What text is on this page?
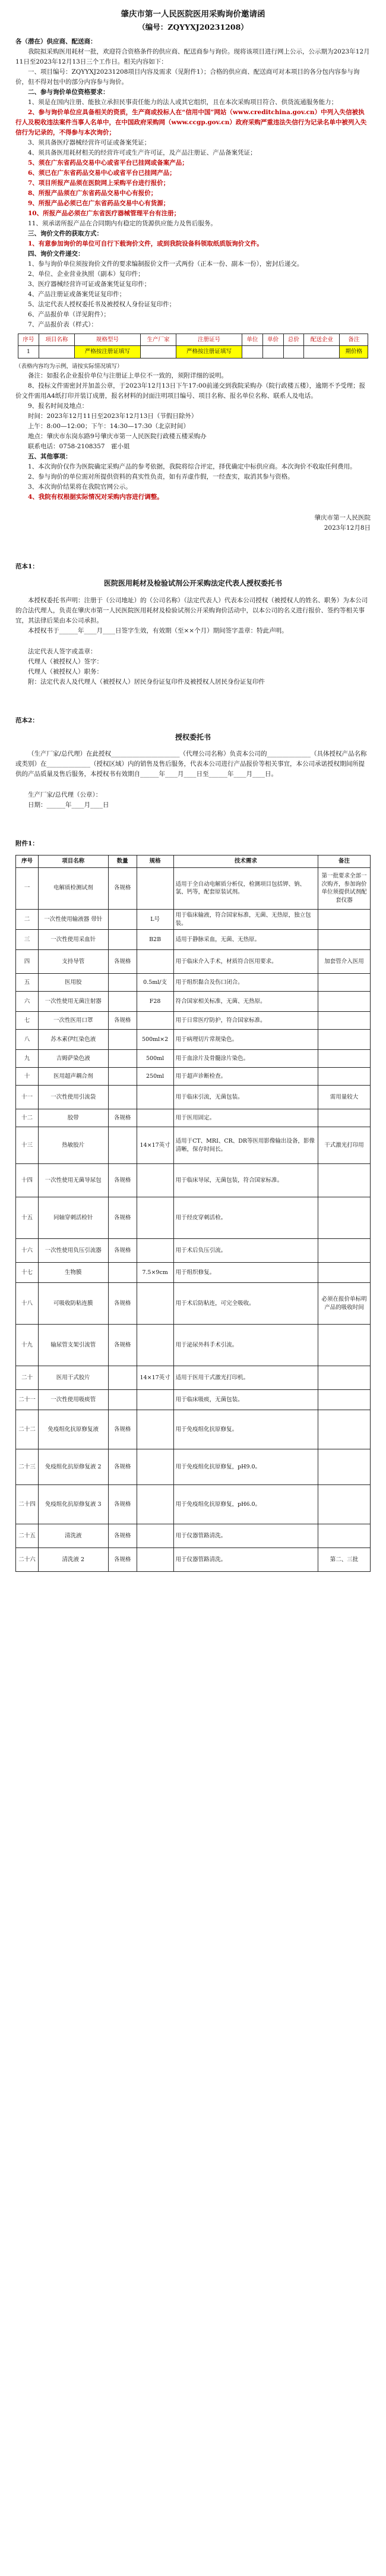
肇庆市第一人民医院医用采购询价邀请函
（编号：ZQYYXJ20231208）

各（潜在）供应商、配送商：

我院拟采购医用耗材一批，欢迎符合资格条件的供应商、配送商参与询价。现将该项目进行网上公示，公示期为2023年12月11日至2023年12月13日三个工作日。相关内容如下：

一、项目编号：ZQYYXJ20231208项目内容及需求（见附件1）；合格的供应商、配送商可对本项目的各分包内容参与询价，但不得对包中的部分内容参与询价。

二、参与询价单位资格要求：

1、须是在国内注册、能独立承担民事责任能力的法人或其它组织，且在本次采购项目符合、供货流通服务能力；

2、参与询价单位应具备相关的资质，生产商或投标人在“信用中国”网站（www.creditchina.gov.cn）中列入失信被执行人及税收违法案件当事人名单中，在中国政府采购网（www.ccgp.gov.cn）政府采购严重违法失信行为记录名单中被列入失信行为记录的，不得参与本次询价；

3、须具备医疗器械经营许可证或备案凭证；

4、须具备医用耗材相关的经营许可或生产许可证，及产品注册证、产品备案凭证；

5、须在广东省药品交易中心或省平台已挂网或备案产品；

6、须已在广东省药品交易中心或省平台已挂网产品；

7、项目所报产品须在医院网上采购平台进行报价；

8、所报产品须在广东省药品交易中心有报价；

9、所报产品必须已在广东省药品交易中心有货源；

10、所报产品必须在广东省医疗器械管理平台有注册；

11、须承诺所报产品在合同期内有稳定的货源供应能力及售后服务。

三、询价文件的获取方式：

1、有意参加询价的单位可自行下载询价文件，或到我院设备科领取纸质版询价文件。

四、询价文件递交：

1、参与询价单位须按询价文件的要求编制报价文件一式两份（正本一份、副本一份），密封后递交。

2、单位、企业营业执照（副本）复印件；

3、医疗器械经营许可证或备案凭证复印件；

4、产品注册证或备案凭证复印件；

5、法定代表人授权委托书及被授权人身份证复印件；

6、产品报价单（详见附件）；

7、产品报价表（样式）：

序号	项目名称	规格型号	生产厂家	注册证号	单位	单价	总价	配送企业	备注
1		严格按注册证填写		严格按注册证填写					期价格

（表格内容均为示例，请按实际情况填写）

备注：如报名企业报价单位与注册证上单位不一致的，须附详细的说明。

8、投标文件需密封并加盖公章，于2023年12月13日下午17:00前递交到我院采购办（院行政楼五楼），逾期不予受理；报价文件需用A4纸打印并装订成册，报名材料的封面注明项目编号、项目名称、报名单位名称、联系人及电话。

9、报名时间及地点：

时间：2023年12月11日至2023年12月13日（节假日除外）

上午：8:00—12:00；下午：14:30—17:30（北京时间）

地点：肇庆市东岗东路9号肇庆市第一人民医院行政楼五楼采购办

联系电话：0758-2108357　霍小姐

五、其他事项：

1、本次询价仅作为医院确定采购产品的参考依据，我院将综合评定，择优确定中标供应商。本次询价不收取任何费用。

2、参与询价的单位需对所提供资料的真实性负责，如有弄虚作假，一经查实，取消其参与资格。

3、本次询价结果将在我院官网公示。

4、我院有权根据实际情况对采购内容进行调整。

肇庆市第一人民医院

2023年12月8日

范本1：

医院医用耗材及检验试剂公开采购法定代表人授权委托书

本授权委托书声明：注册于（公司地址）的（公司名称）（法定代表人）代表本公司授权（被授权人的姓名、职务）为本公司的合法代理人，负责在肇庆市第一人民医院医用耗材及检验试剂公开采购询价活动中，以本公司的名义进行报价、签约等相关事宜，其法律后果由本公司承担。

本授权书于______年____月____日签字生效，有效期（至××个月）期间签字盖章：特此声明。

法定代表人签字或盖章：

代理人（被授权人）签字：

代理人（被授权人）职务：

附：法定代表人及代理人（被授权人）居民身份证复印件及被授权人居民身份证复印件

范本2：

授权委托书

（生产厂家/总代理）在此授权______________________（代理公司名称）负责本公司的______________（具体授权产品名称或类别）在______________（授权区域）内的销售及售后服务，代表本公司进行产品报价等相关事宜，本公司承诺授权期间所提供的产品质量及售后服务，本授权书有效期自______年____月____日至______年____月____日。

生产厂家/总代理（公章）：

日期：______年____月____日

附件1：

序号	项目名称	数量	规格	技术需求	备注
一	电解质检测试剂	各规格		适用于全自动电解质分析仪，检测项目包括钾、钠、氯、钙等，配套原装试剂。	第一批要求全部一次购齐，参加询价单位须提供试剂配套仪器
二	一次性使用输液器 带针		L号	用于临床输液，符合国家标准，无菌、无热原，独立包装。	
三	一次性使用采血针		B2B	适用于静脉采血，无菌、无热原。	
四	支持导管	各规格		用于临床介入手术，材质符合医用要求。	加套管介入医用
五	医用胶		0.5ml/支	用于组织黏合及伤口闭合。	
六	一次性使用无菌注射器		F28	符合国家相关标准，无菌、无热原。	
七	一次性医用口罩	各规格		用于日常医疗防护，符合国家标准。	
八	苏木素伊红染色液		500ml×2	用于病理切片常规染色。	
九	吉姆萨染色液		500ml	用于血涂片及骨髓涂片染色。	
十	医用超声耦合剂		250ml	用于超声诊断检查。	
十一	一次性使用引流袋			用于临床引流，无菌包装。	需用量较大
十二	胶带	各规格		用于医用固定。	
十三	热敏胶片		14×17英寸	适用于CT、MRI、CR、DR等医用影像输出设备，影像清晰，保存时间长。	干式激光打印用
十四	一次性使用无菌导尿包	各规格		用于临床导尿，无菌包装，符合国家标准。	
十五	同轴穿刺活检针	各规格		用于经皮穿刺活检。	
十六	一次性使用负压引流器	各规格		用于术后负压引流。	
十七	生物膜		7.5×9cm	用于组织修复。	
十八	可吸收防粘连膜	各规格		用于术后防粘连，可完全吸收。	必须在报价单标明产品的吸收时间
十九	输尿管支架引流管	各规格		用于泌尿外科手术引流。	
二十	医用干式胶片		14×17英寸	适用于医用干式激光打印机。	
二十一	一次性使用吸痰管			用于临床吸痰，无菌包装。	
二十二	免疫组化抗原修复液	各规格		用于免疫组化抗原修复。	
二十三	免疫组化抗原修复液 2	各规格		用于免疫组化抗原修复，pH9.0。	
二十四	免疫组化抗原修复液 3	各规格		用于免疫组化抗原修复，pH6.0。	
二十五	清洗液	各规格		用于仪器管路清洗。	
二十六	清洗液 2	各规格		用于仪器管路清洗。	第二、三批
